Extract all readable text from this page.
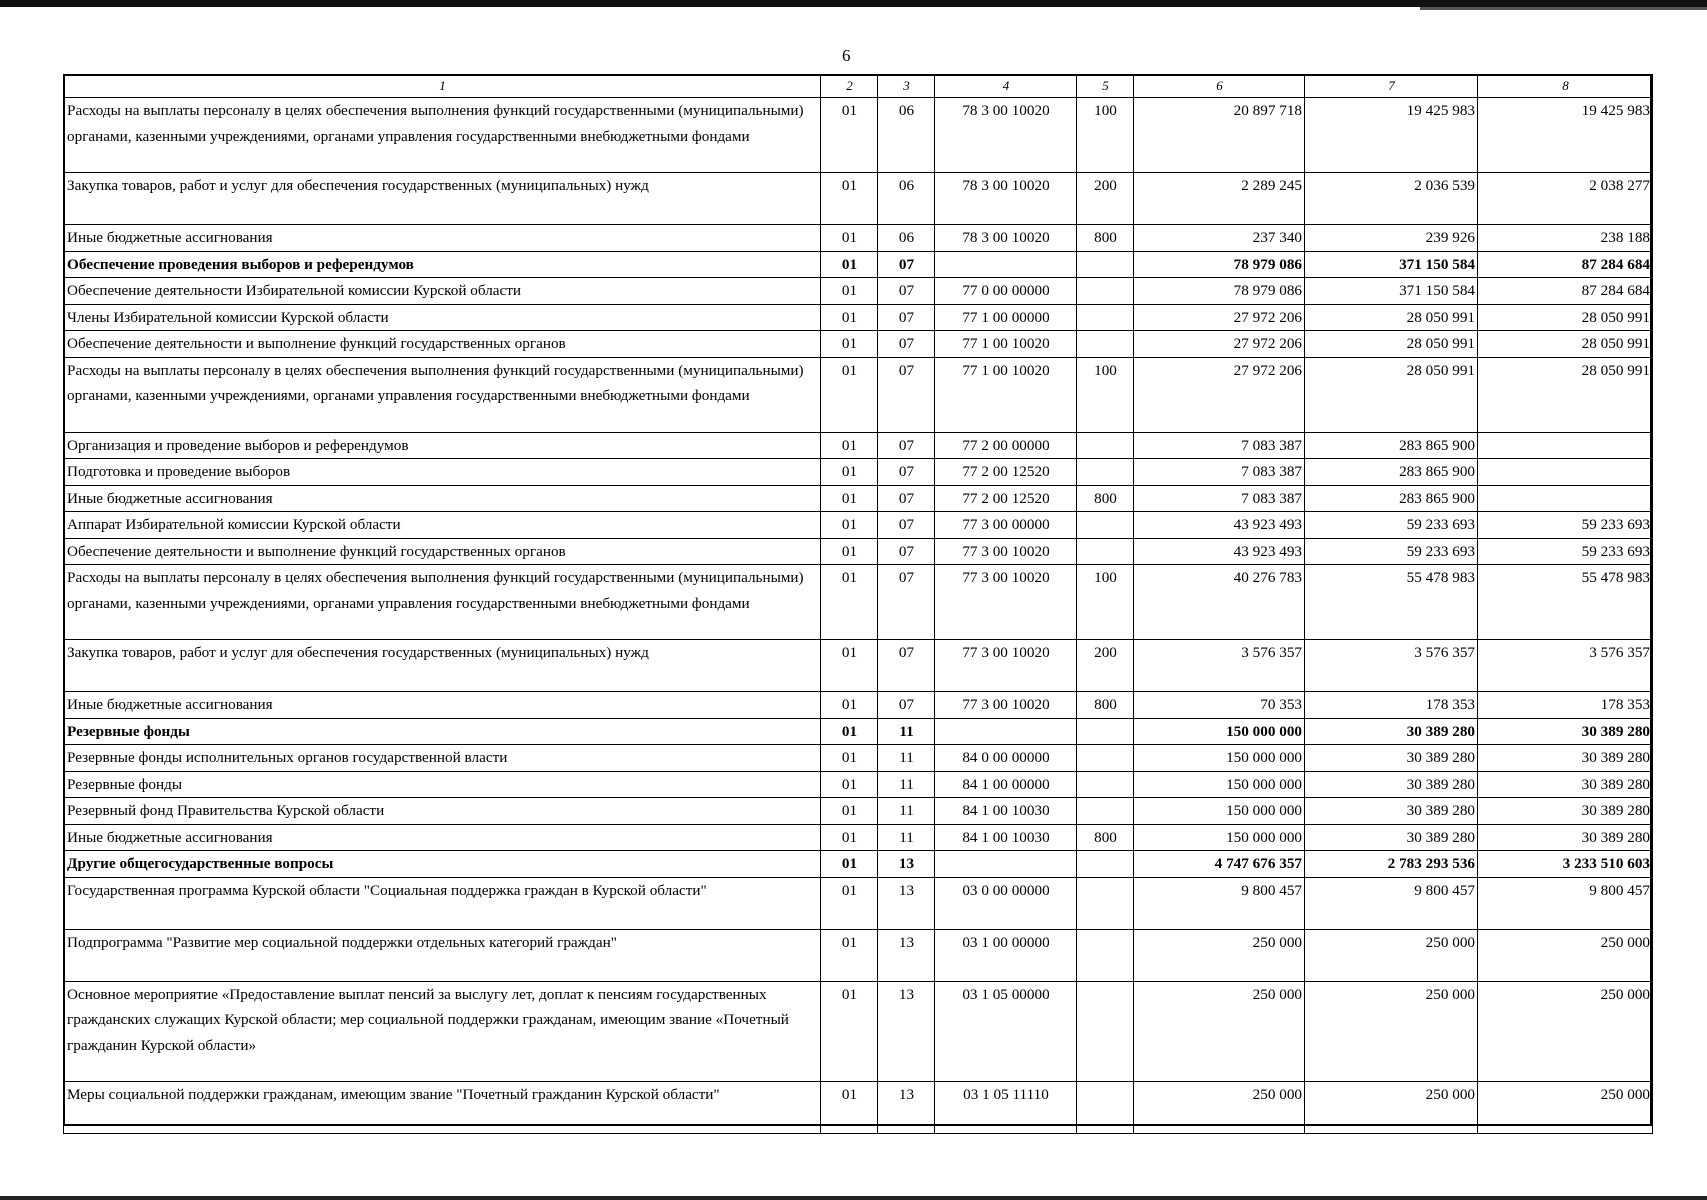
6
1	2	3	4	5	6	7	8
Расходы на выплаты персоналу в целях обеспечения выполнения функций государственными (муниципальными) органами, казенными учреждениями, органами управления государственными внебюджетными фондами	01	06	78 3 00 10020	100	20 897 718	19 425 983	19 425 983
Закупка товаров, работ и услуг для обеспечения государственных (муниципальных) нужд	01	06	78 3 00 10020	200	2 289 245	2 036 539	2 038 277
Иные бюджетные ассигнования	01	06	78 3 00 10020	800	237 340	239 926	238 188
Обеспечение проведения выборов и референдумов	01	07			78 979 086	371 150 584	87 284 684
Обеспечение деятельности Избирательной комиссии Курской области	01	07	77 0 00 00000		78 979 086	371 150 584	87 284 684
Члены Избирательной комиссии Курской области	01	07	77 1 00 00000		27 972 206	28 050 991	28 050 991
Обеспечение деятельности и выполнение функций государственных органов	01	07	77 1 00 10020		27 972 206	28 050 991	28 050 991
Расходы на выплаты персоналу в целях обеспечения выполнения функций государственными (муниципальными) органами, казенными учреждениями, органами управления государственными внебюджетными фондами	01	07	77 1 00 10020	100	27 972 206	28 050 991	28 050 991
Организация и проведение выборов и референдумов	01	07	77 2 00 00000		7 083 387	283 865 900	
Подготовка и проведение выборов	01	07	77 2 00 12520		7 083 387	283 865 900	
Иные бюджетные ассигнования	01	07	77 2 00 12520	800	7 083 387	283 865 900	
Аппарат Избирательной комиссии Курской области	01	07	77 3 00 00000		43 923 493	59 233 693	59 233 693
Обеспечение деятельности и выполнение функций государственных органов	01	07	77 3 00 10020		43 923 493	59 233 693	59 233 693
Расходы на выплаты персоналу в целях обеспечения выполнения функций государственными (муниципальными) органами, казенными учреждениями, органами управления государственными внебюджетными фондами	01	07	77 3 00 10020	100	40 276 783	55 478 983	55 478 983
Закупка товаров, работ и услуг для обеспечения государственных (муниципальных) нужд	01	07	77 3 00 10020	200	3 576 357	3 576 357	3 576 357
Иные бюджетные ассигнования	01	07	77 3 00 10020	800	70 353	178 353	178 353
Резервные фонды	01	11			150 000 000	30 389 280	30 389 280
Резервные фонды исполнительных органов государственной власти	01	11	84 0 00 00000		150 000 000	30 389 280	30 389 280
Резервные фонды	01	11	84 1 00 00000		150 000 000	30 389 280	30 389 280
Резервный фонд Правительства Курской области	01	11	84 1 00 10030		150 000 000	30 389 280	30 389 280
Иные бюджетные ассигнования	01	11	84 1 00 10030	800	150 000 000	30 389 280	30 389 280
Другие общегосударственные вопросы	01	13			4 747 676 357	2 783 293 536	3 233 510 603
Государственная программа Курской области "Социальная поддержка граждан в Курской области"	01	13	03 0 00 00000		9 800 457	9 800 457	9 800 457
Подпрограмма "Развитие мер социальной поддержки отдельных категорий граждан"	01	13	03 1 00 00000		250 000	250 000	250 000
Основное мероприятие «Предоставление выплат пенсий за выслугу лет, доплат к пенсиям государственных гражданских служащих Курской области; мер социальной поддержки гражданам, имеющим звание «Почетный гражданин Курской области»	01	13	03 1 05 00000		250 000	250 000	250 000
Меры социальной поддержки гражданам, имеющим звание "Почетный гражданин Курской области"	01	13	03 1 05 11110		250 000	250 000	250 000
